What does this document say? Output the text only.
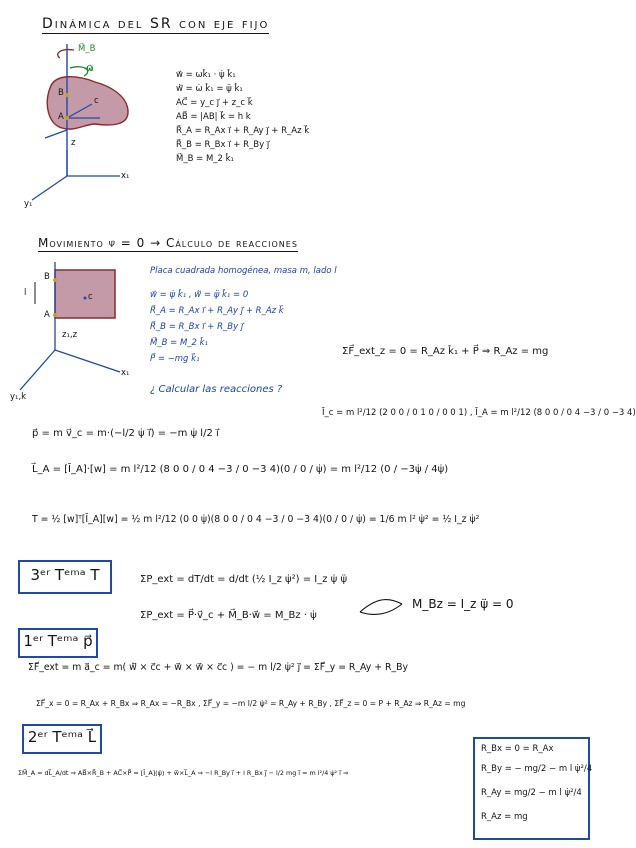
Dinámica del SR con eje fijo
M⃗_B
ω⃗
B
A
c
z
y₁
x₁
w⃗ = ωk̂₁ · ψ̇ k̂₁
ẇ⃗ = ω̇ k̂₁ = ψ̈ k̂₁
AC⃗ = y_c j⃗ + z_c k⃗
AB⃗ = |AB| k⃗ = h k
R⃗_A = R_Ax i⃗ + R_Ay j⃗ + R_Az k⃗
R⃗_B = R_Bx i⃗ + R_By j⃗
M⃗_B = M_2 k̂₁
Movimiento ψ̈ = 0 → Cálculo de reacciones
l
B
A
c
z₁,z
y₁,k
x₁
Placa cuadrada homogénea, masa m, lado l
w⃗ = ψ̇ k̂₁ , ẇ⃗ = ψ̈ k̂₁ = 0
R⃗_A = R_Ax i⃗ + R_Ay j⃗ + R_Az k⃗
R⃗_B = R_Bx i⃗ + R_By j⃗
M⃗_B = M_2 k̂₁
P⃗ = −mg k⃗₁
¿ Calcular las reacciones ?
ΣF⃗_ext_z = 0 = R_Az k̂₁ + P⃗ ⇒ R_Az = mg
Ī_c = m l²/12 (2 0 0 / 0 1 0 / 0 0 1) , Ī_A = m l²/12 (8 0 0 / 0 4 −3 / 0 −3 4)
p⃗ = m v⃗_c = m·(−l/2 ψ̇ i⃗) = −m ψ̇ l/2 i⃗
L⃗_A = [Ī_A]·[w] = m l²/12 (8 0 0 / 0 4 −3 / 0 −3 4)(0 / 0 / ψ̇) = m l²/12 (0 / −3ψ̇ / 4ψ̇)
T = ½ [w]ᵀ[Ī_A][w] = ½ m l²/12 (0 0 ψ̇)(8 0 0 / 0 4 −3 / 0 −3 4)(0 / 0 / ψ̇) = 1/6 m l² ψ̇² = ½ I_z ψ̇²
3ᵉʳ Tᵉᵐᵃ T	ΣP_ext = dT/dt = d/dt (½ I_z ψ̇²) = I_z ψ̇ ψ̈
ΣP_ext = P⃗·v⃗_c + M⃗_B·w⃗ = M_Bz · ψ̇
M_Bz = I_z ψ̈ = 0
1ᵉʳ Tᵉᵐᵃ p⃗
ΣF⃗_ext = m a⃗_c = m( ẇ⃗ × c⃗c + w⃗ × w⃗ × c⃗c ) = − m l/2 ψ̇² j⃗ = ΣF⃗_y = R_Ay + R_By
ΣF⃗_x = 0 = R_Ax + R_Bx ⇒ R_Ax = −R_Bx , ΣF⃗_y = −m l/2 ψ̇² = R_Ay + R_By , ΣF⃗_z = 0 = P + R_Az ⇒ R_Az = mg
2ᵉʳ Tᵉᵐᵃ L⃗
ΣM⃗_A = dL⃗_A/dt ⇒ AB⃗×R⃗_B + AC⃗×P⃗ = [Ī_A](ψ̈) + w⃗×L⃗_A ⇒ −l R_By i⃗ + l R_Bx j⃗ − l/2 mg i⃗ = m l²/4 ψ̇² i⃗ ⇒
R_Bx = 0 = R_Ax
R_By = − mg/2 − m l ψ̇²/4
R_Ay = mg/2 − m l ψ̇²/4
R_Az = mg
